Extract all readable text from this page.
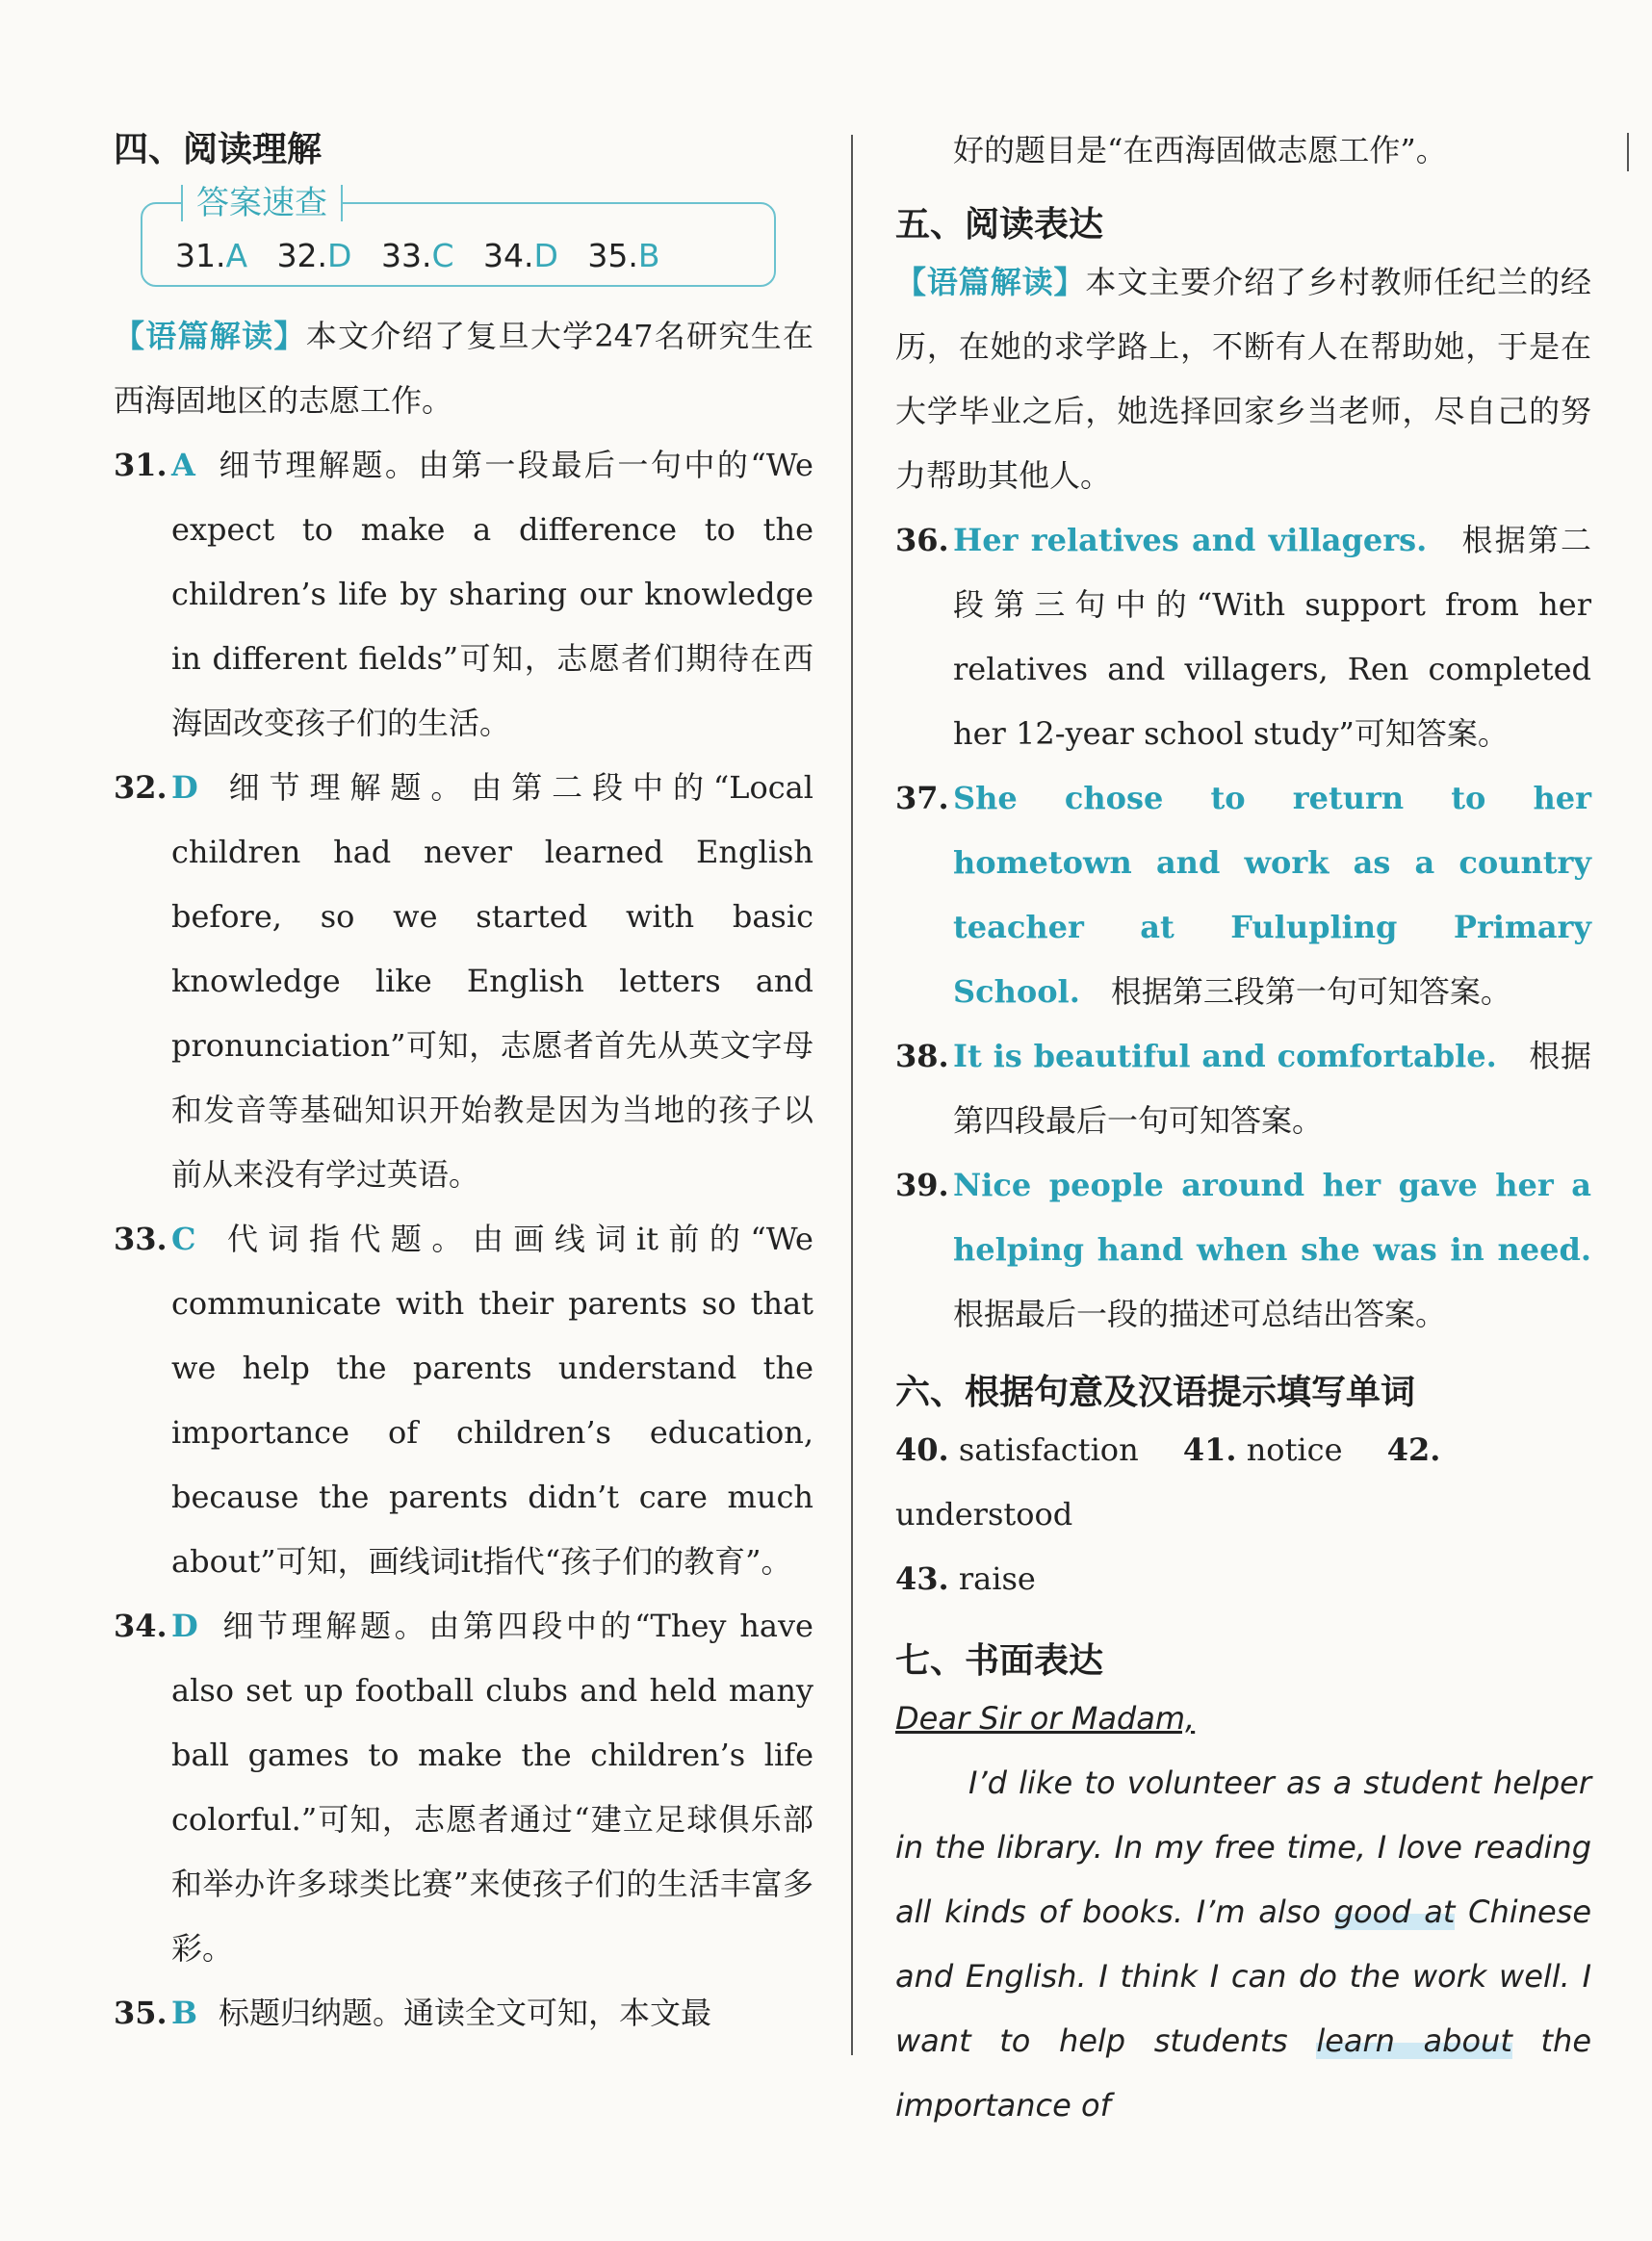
四、阅读理解
答案速查
31.A 32.D 33.C 34.D 35.B

【语篇解读】本文介绍了复旦大学247名研究生在西海固地区的志愿工作。

31. A 细节理解题。由第一段最后一句中的“We expect to make a difference to the children’s life by sharing our knowledge in different fields”可知，志愿者们期待在西海固改变孩子们的生活。
32. D 细节理解题。由第二段中的“Local children had never learned English before, so we started with basic knowledge like English letters and pronunciation”可知，志愿者首先从英文字母和发音等基础知识开始教是因为当地的孩子以前从来没有学过英语。
33. C 代词指代题。由画线词it前的“We communicate with their parents so that we help the parents understand the importance of children’s education, because the parents didn’t care much about”可知，画线词it指代“孩子们的教育”。
34. D 细节理解题。由第四段中的“They have also set up football clubs and held many ball games to make the children’s life colorful.”可知，志愿者通过“建立足球俱乐部和举办许多球类比赛”来使孩子们的生活丰富多彩。
35. B 标题归纳题。通读全文可知，本文最

好的题目是“在西海固做志愿工作”。

五、阅读表达

【语篇解读】本文主要介绍了乡村教师任纪兰的经历，在她的求学路上，不断有人在帮助她，于是在大学毕业之后，她选择回家乡当老师，尽自己的努力帮助其他人。

36. Her relatives and villagers.　 根据第二段第三句中的“With support from her relatives and villagers, Ren completed her 12-year school study”可知答案。
37. She chose to return to her hometown and work as a country teacher at Fulupling Primary School.　 根据第三段第一句可知答案。
38. It is beautiful and comfortable.　 根据第四段最后一句可知答案。
39. Nice people around her gave her a helping hand when she was in need.　根据最后一段的描述可总结出答案。
六、根据句意及汉语提示填写单词
40. satisfaction 41. notice 42. understood
43. raise
七、书面表达
Dear Sir or Madam,

I’d like to volunteer as a student helper in the library. In my free time, I love reading all kinds of books. I’m also good at Chinese and English. I think I can do the work well. I want to help students learn about the importance of
